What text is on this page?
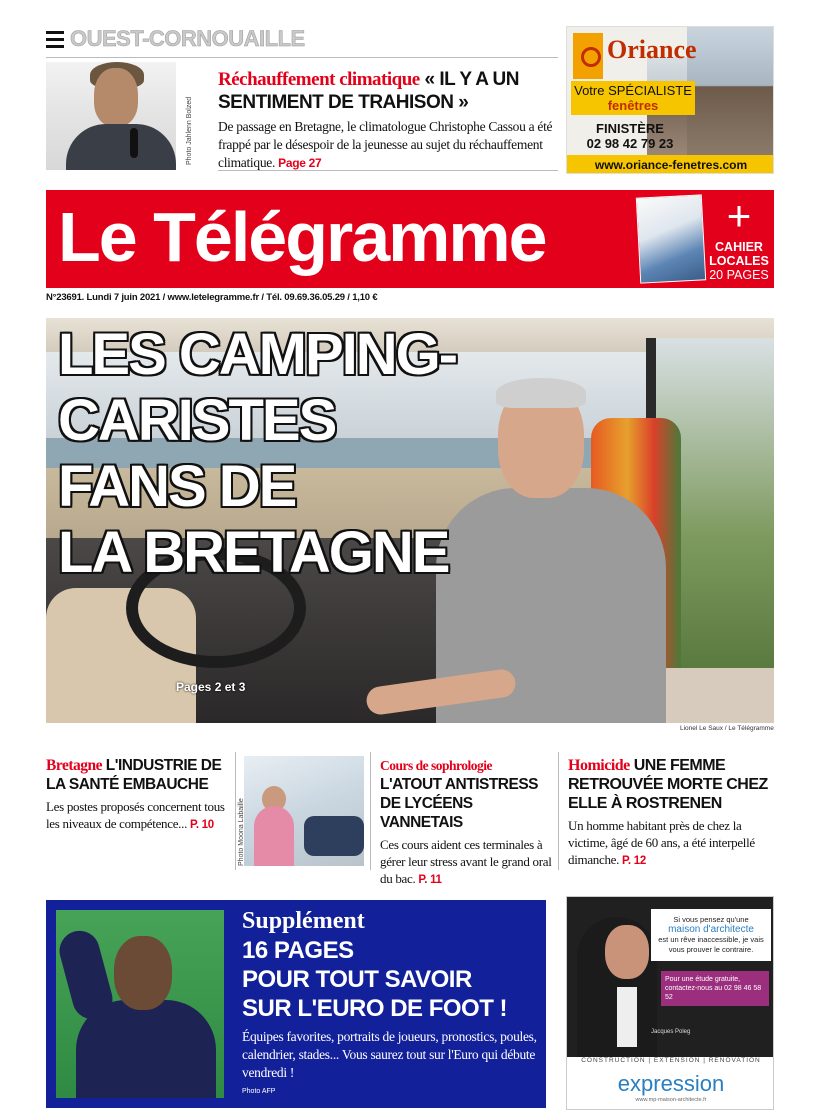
OUEST-CORNOUAILLE
Photo Jahlenn Bolzed
Réchauffement climatique « IL Y A UN SENTIMENT DE TRAHISON »
De passage en Bretagne, le climatologue Christophe Cassou a été frappé par le désespoir de la jeunesse au sujet du réchauffement climatique. Page 27
Oriance
Votre SPÉCIALISTE
fenêtres
FINISTÈRE
02 98 42 79 23
www.oriance-fenetres.com
Le Télégramme	+
CAHIER
LOCALES
20 PAGES
N°23691. Lundi 7 juin 2021 / www.letelegramme.fr / Tél. 09.69.36.05.29 / 1,10 €
LES CAMPING-
CARISTES
FANS DE
LA BRETAGNE
Pages 2 et 3
Lionel Le Saux / Le Télégramme
Bretagne L'INDUSTRIE DE LA SANTÉ EMBAUCHE
Les postes proposés concernent tous les niveaux de compétence... P. 10	Photo Moona Labaille
Cours de sophrologie
L'ATOUT ANTISTRESS DE LYCÉENS VANNETAIS
Ces cours aident ces terminales à gérer leur stress avant le grand oral du bac. P. 11
Homicide UNE FEMME RETROUVÉE MORTE CHEZ ELLE À ROSTRENEN
Un homme habitant près de chez la victime, âgé de 60 ans, a été interpellé dimanche. P. 12
Supplément
16 PAGES
POUR TOUT SAVOIR
SUR L'EURO DE FOOT !
Équipes favorites, portraits de joueurs, pronostics, poules, calendrier, stades... Vous saurez tout sur l'Euro qui débute vendredi !
Photo AFP
Si vous pensez qu'une
maison d'architecte
est un rêve inaccessible, je vais vous prouver le contraire.
Pour une étude gratuite, contactez-nous au 02 98 46 58 52
Jacques Poleg
CONSTRUCTION | EXTENSION | RÉNOVATION
expression
www.mp-maison-architecte.fr
